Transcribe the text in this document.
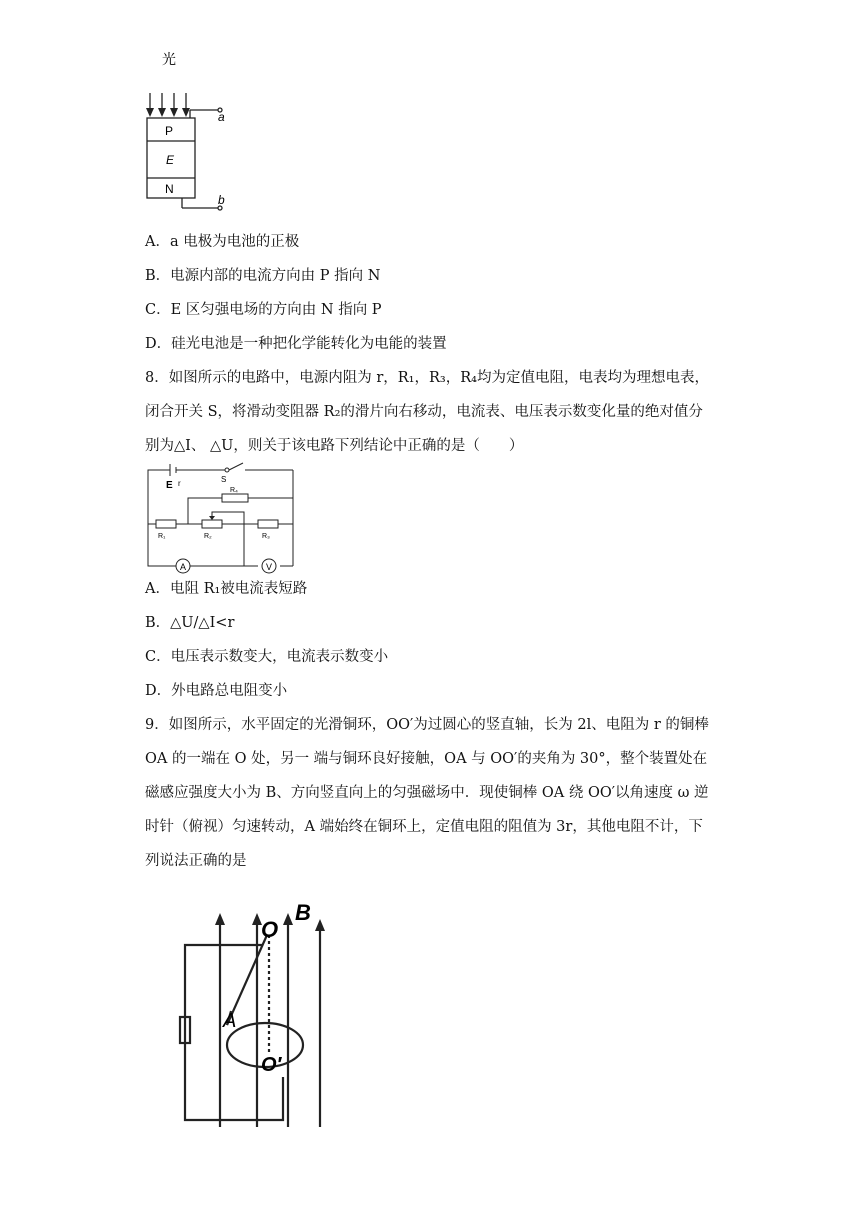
光
P
E
N
a
b
A．a 电极为电池的正极
B．电源内部的电流方向由 P 指向 N
C．E 区匀强电场的方向由 N 指向 P
D．硅光电池是一种把化学能转化为电能的装置
8．如图所示的电路中，电源内阻为 r，R₁，R₃，R₄均为定值电阻，电表均为理想电表，
闭合开关 S，将滑动变阻器 R₂的滑片向右移动，电流表、电压表示数变化量的绝对值分
别为△I、 △U，则关于该电路下列结论中正确的是（　　）
E r	S
R₄
R₁	R₂	R₃
A	V
A．电阻 R₁被电流表短路
B．△U/△I<r
C．电压表示数变大，电流表示数变小
D．外电路总电阻变小
9．如图所示，水平固定的光滑铜环，OO′为过圆心的竖直轴，长为 2l、电阻为 r 的铜棒
OA 的一端在 O 处，另一 端与铜环良好接触，OA 与 OO′的夹角为 30°，整个装置处在
磁感应强度大小为 B、方向竖直向上的匀强磁场中．现使铜棒 OA 绕 OO′以角速度 ω 逆
时针（俯视）匀速转动，A 端始终在铜环上，定值电阻的阻值为 3r，其他电阻不计，下
列说法正确的是
O
B
A
O′
